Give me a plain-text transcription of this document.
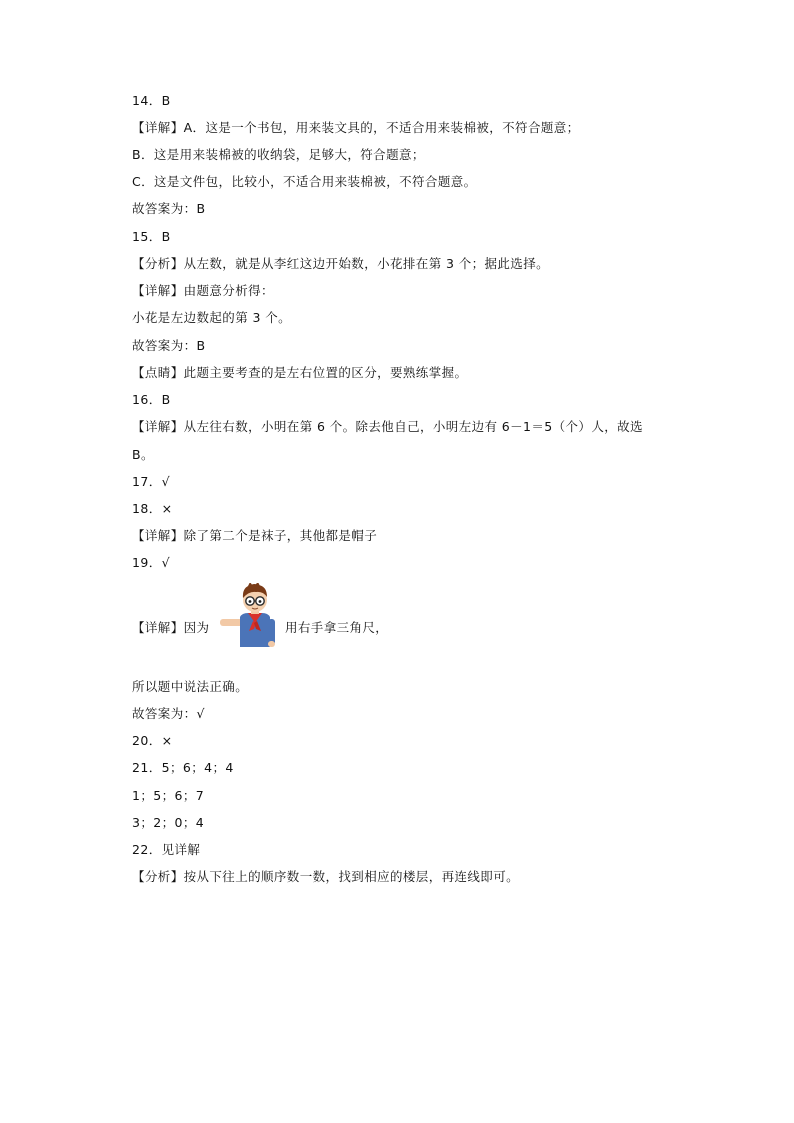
14．B
【详解】A．这是一个书包，用来装文具的，不适合用来装棉被，不符合题意；
B．这是用来装棉被的收纳袋，足够大，符合题意；
C．这是文件包，比较小，不适合用来装棉被，不符合题意。
故答案为：B
15．B
【分析】从左数，就是从李红这边开始数，小花排在第 3 个；据此选择。
【详解】由题意分析得：
小花是左边数起的第 3 个。
故答案为：B
【点睛】此题主要考查的是左右位置的区分，要熟练掌握。
16．B
【详解】从左往右数，小明在第 6 个。除去他自己，小明左边有 6－1＝5（个）人，故选
B。
17．√
18．×
【详解】除了第二个是袜子，其他都是帽子
19．√
【详解】因为	用右手拿三角尺，
所以题中说法正确。
故答案为：√
20．×
21．5；6；4；4
1；5；6；7
3；2；0；4
22．见详解
【分析】按从下往上的顺序数一数，找到相应的楼层，再连线即可。
